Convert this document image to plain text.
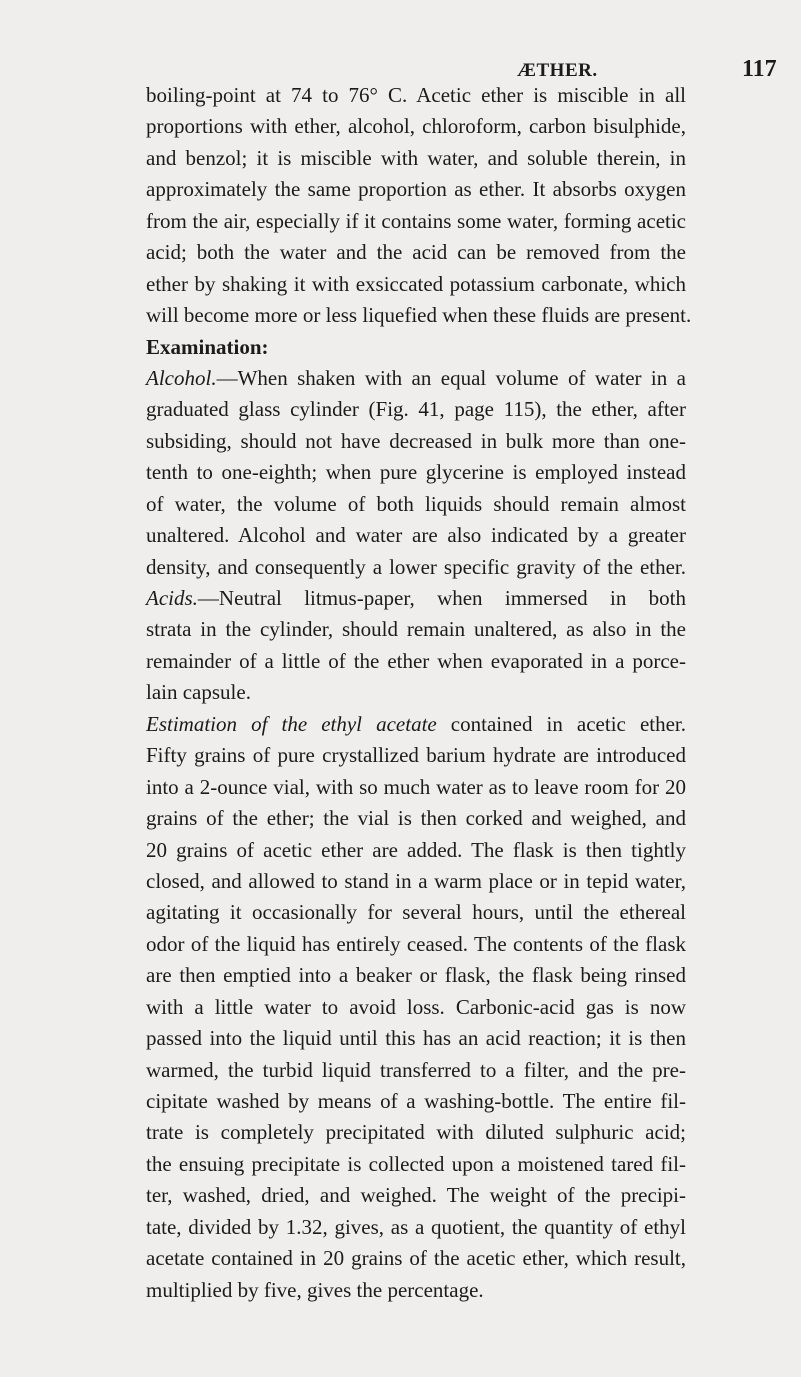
ÆTHER.	117
boiling-point at 74 to 76° C. Acetic ether is miscible in all
proportions with ether, alcohol, chloroform, carbon bisulphide,
and benzol; it is miscible with water, and soluble therein, in
approximately the same proportion as ether. It absorbs oxygen
from the air, especially if it contains some water, forming acetic
acid; both the water and the acid can be removed from the
ether by shaking it with exsiccated potassium carbonate, which
will become more or less liquefied when these fluids are present.
Examination:
Alcohol.—When shaken with an equal volume of water in a
graduated glass cylinder (Fig. 41, page 115), the ether, after
subsiding, should not have decreased in bulk more than one-
tenth to one-eighth; when pure glycerine is employed instead
of water, the volume of both liquids should remain almost
unaltered. Alcohol and water are also indicated by a greater
density, and consequently a lower specific gravity of the ether.
Acids.—Neutral litmus-paper, when immersed in both
strata in the cylinder, should remain unaltered, as also in the
remainder of a little of the ether when evaporated in a porce-
lain capsule.
Estimation of the ethyl acetate contained in acetic ether.
Fifty grains of pure crystallized barium hydrate are introduced
into a 2-ounce vial, with so much water as to leave room for 20
grains of the ether; the vial is then corked and weighed, and
20 grains of acetic ether are added. The flask is then tightly
closed, and allowed to stand in a warm place or in tepid water,
agitating it occasionally for several hours, until the ethereal
odor of the liquid has entirely ceased. The contents of the flask
are then emptied into a beaker or flask, the flask being rinsed
with a little water to avoid loss. Carbonic-acid gas is now
passed into the liquid until this has an acid reaction; it is then
warmed, the turbid liquid transferred to a filter, and the pre-
cipitate washed by means of a washing-bottle. The entire fil-
trate is completely precipitated with diluted sulphuric acid;
the ensuing precipitate is collected upon a moistened tared fil-
ter, washed, dried, and weighed. The weight of the precipi-
tate, divided by 1.32, gives, as a quotient, the quantity of ethyl
acetate contained in 20 grains of the acetic ether, which result,
multiplied by five, gives the percentage.
